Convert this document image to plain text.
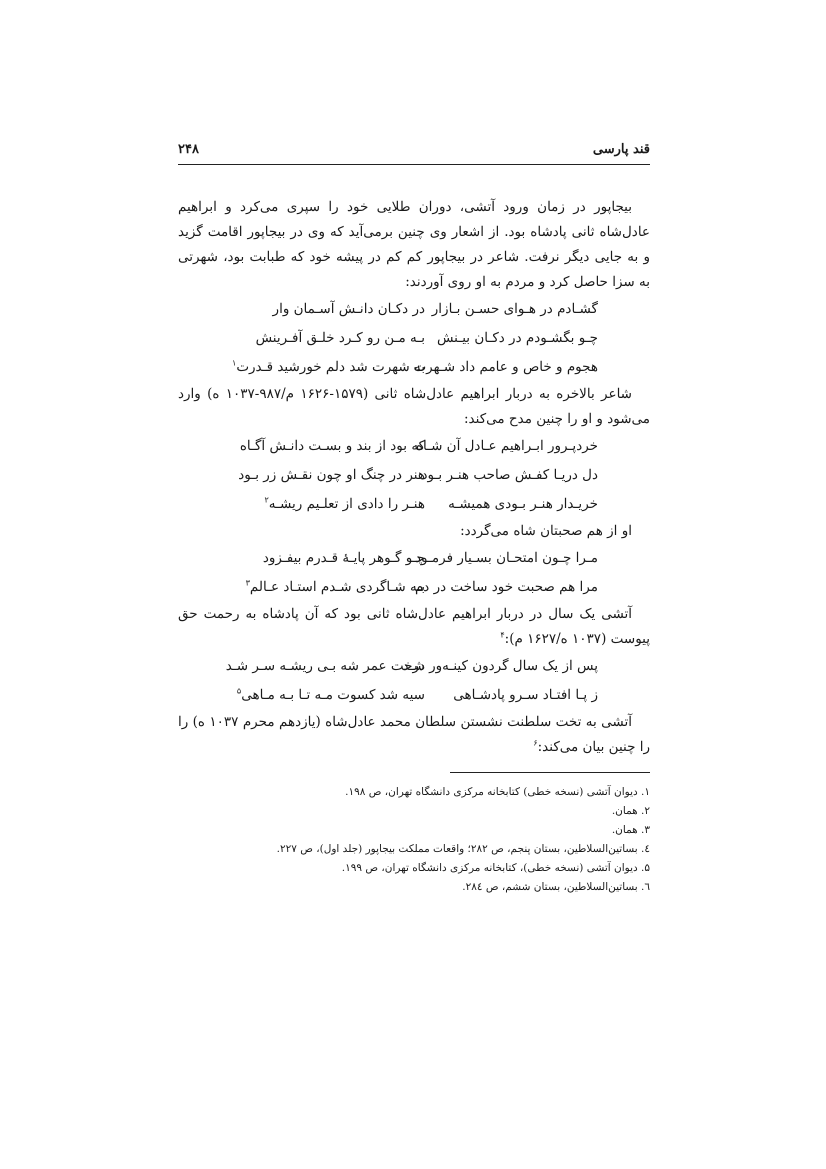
قند پارسی
۲۴۸

بیجاپور در زمان ورود آتشی، دوران طلایی خود را سپری می‌کرد و ابراهیم عادل‌شاه ثانی پادشاه بود. از اشعار وی چنین برمی‌آید که وی در بیجاپور اقامت گزید و به جایی دیگر نرفت. شاعر در بیجاپور کم کم در پیشه خود که طبابت بود، شهرتی به سزا حاصل کرد و مردم به او روی آوردند:

گشـادم در هـوای حسـن بـازار
در دکـان دانـش آسـمان وار
چـو بگشـودم در دکـان بیـنش
بـه مـن رو کـرد خلـق آفـرینش
هجوم و خاص و عامم داد شـهرت
به شهرت شد دلم خورشید قـدرت$^۱$

شاعر بالاخره به دربار ابراهیم عادل‌شاه ثانی (۱۵۷۹-۱۶۲۶ م/۹۸۷-۱۰۳۷ ه) وارد می‌شود و او را چنین مدح می‌کند:

خردپـرور ابـراهیم عـادل آن شـاه
که بود از بند و بسـت دانـش آگـاه
دل دریـا کفـش صاحب هنـر بـود
هنر در چنگ او چون نقـش زر بـود
خریـدار هنـر بـودی همیشـه
هنـر را دادی از تعلـیم ریشـه$^۲$

او از هم صحبتان شاه می‌گردد:

مـرا چـون امتحـان بسـیار فرمـود
چـو گـوهر پایـهٔ قـدرم بیفـزود
مرا هم صحبت خود ساخت در دم
بـه شـاگردی شـدم استـاد عـالم$^۳$

آتشی یک سال در دربار ابراهیم عادل‌شاه ثانی بود که آن پادشاه به رحمت حق پیوست (۱۰۳۷ ه/۱۶۲۷ م):$^۴$

پس از یک سال گردون کینـه‌ور شـد
درخت عمر شه بـی ریشـه سـر شـد
ز پـا افتـاد سـرو پادشـاهی
سیه شد کسوت مـه تـا بـه مـاهی$^۵$

آتشی به تخت سلطنت نشستن سلطان محمد عادل‌شاه (یازدهم محرم ۱۰۳۷ ه) را را چنین بیان می‌کند:$^۶$

۱. دیوان آتشی (نسخه خطی) کتابخانه مرکزی دانشگاه تهران، ص ۱۹۸.

۲. همان.

۳. همان.

٤. بساتین‌السلاطین، بستان پنجم، ص ۲۸۲؛ واقعات مملکت بیجاپور (جلد اول)، ص ۲۲۷.

۵. دیوان آتشی (نسخه خطی)، کتابخانه مرکزی دانشگاه تهران، ص ۱۹۹.

٦. بساتین‌السلاطین، بستان ششم، ص ۲۸٤.
